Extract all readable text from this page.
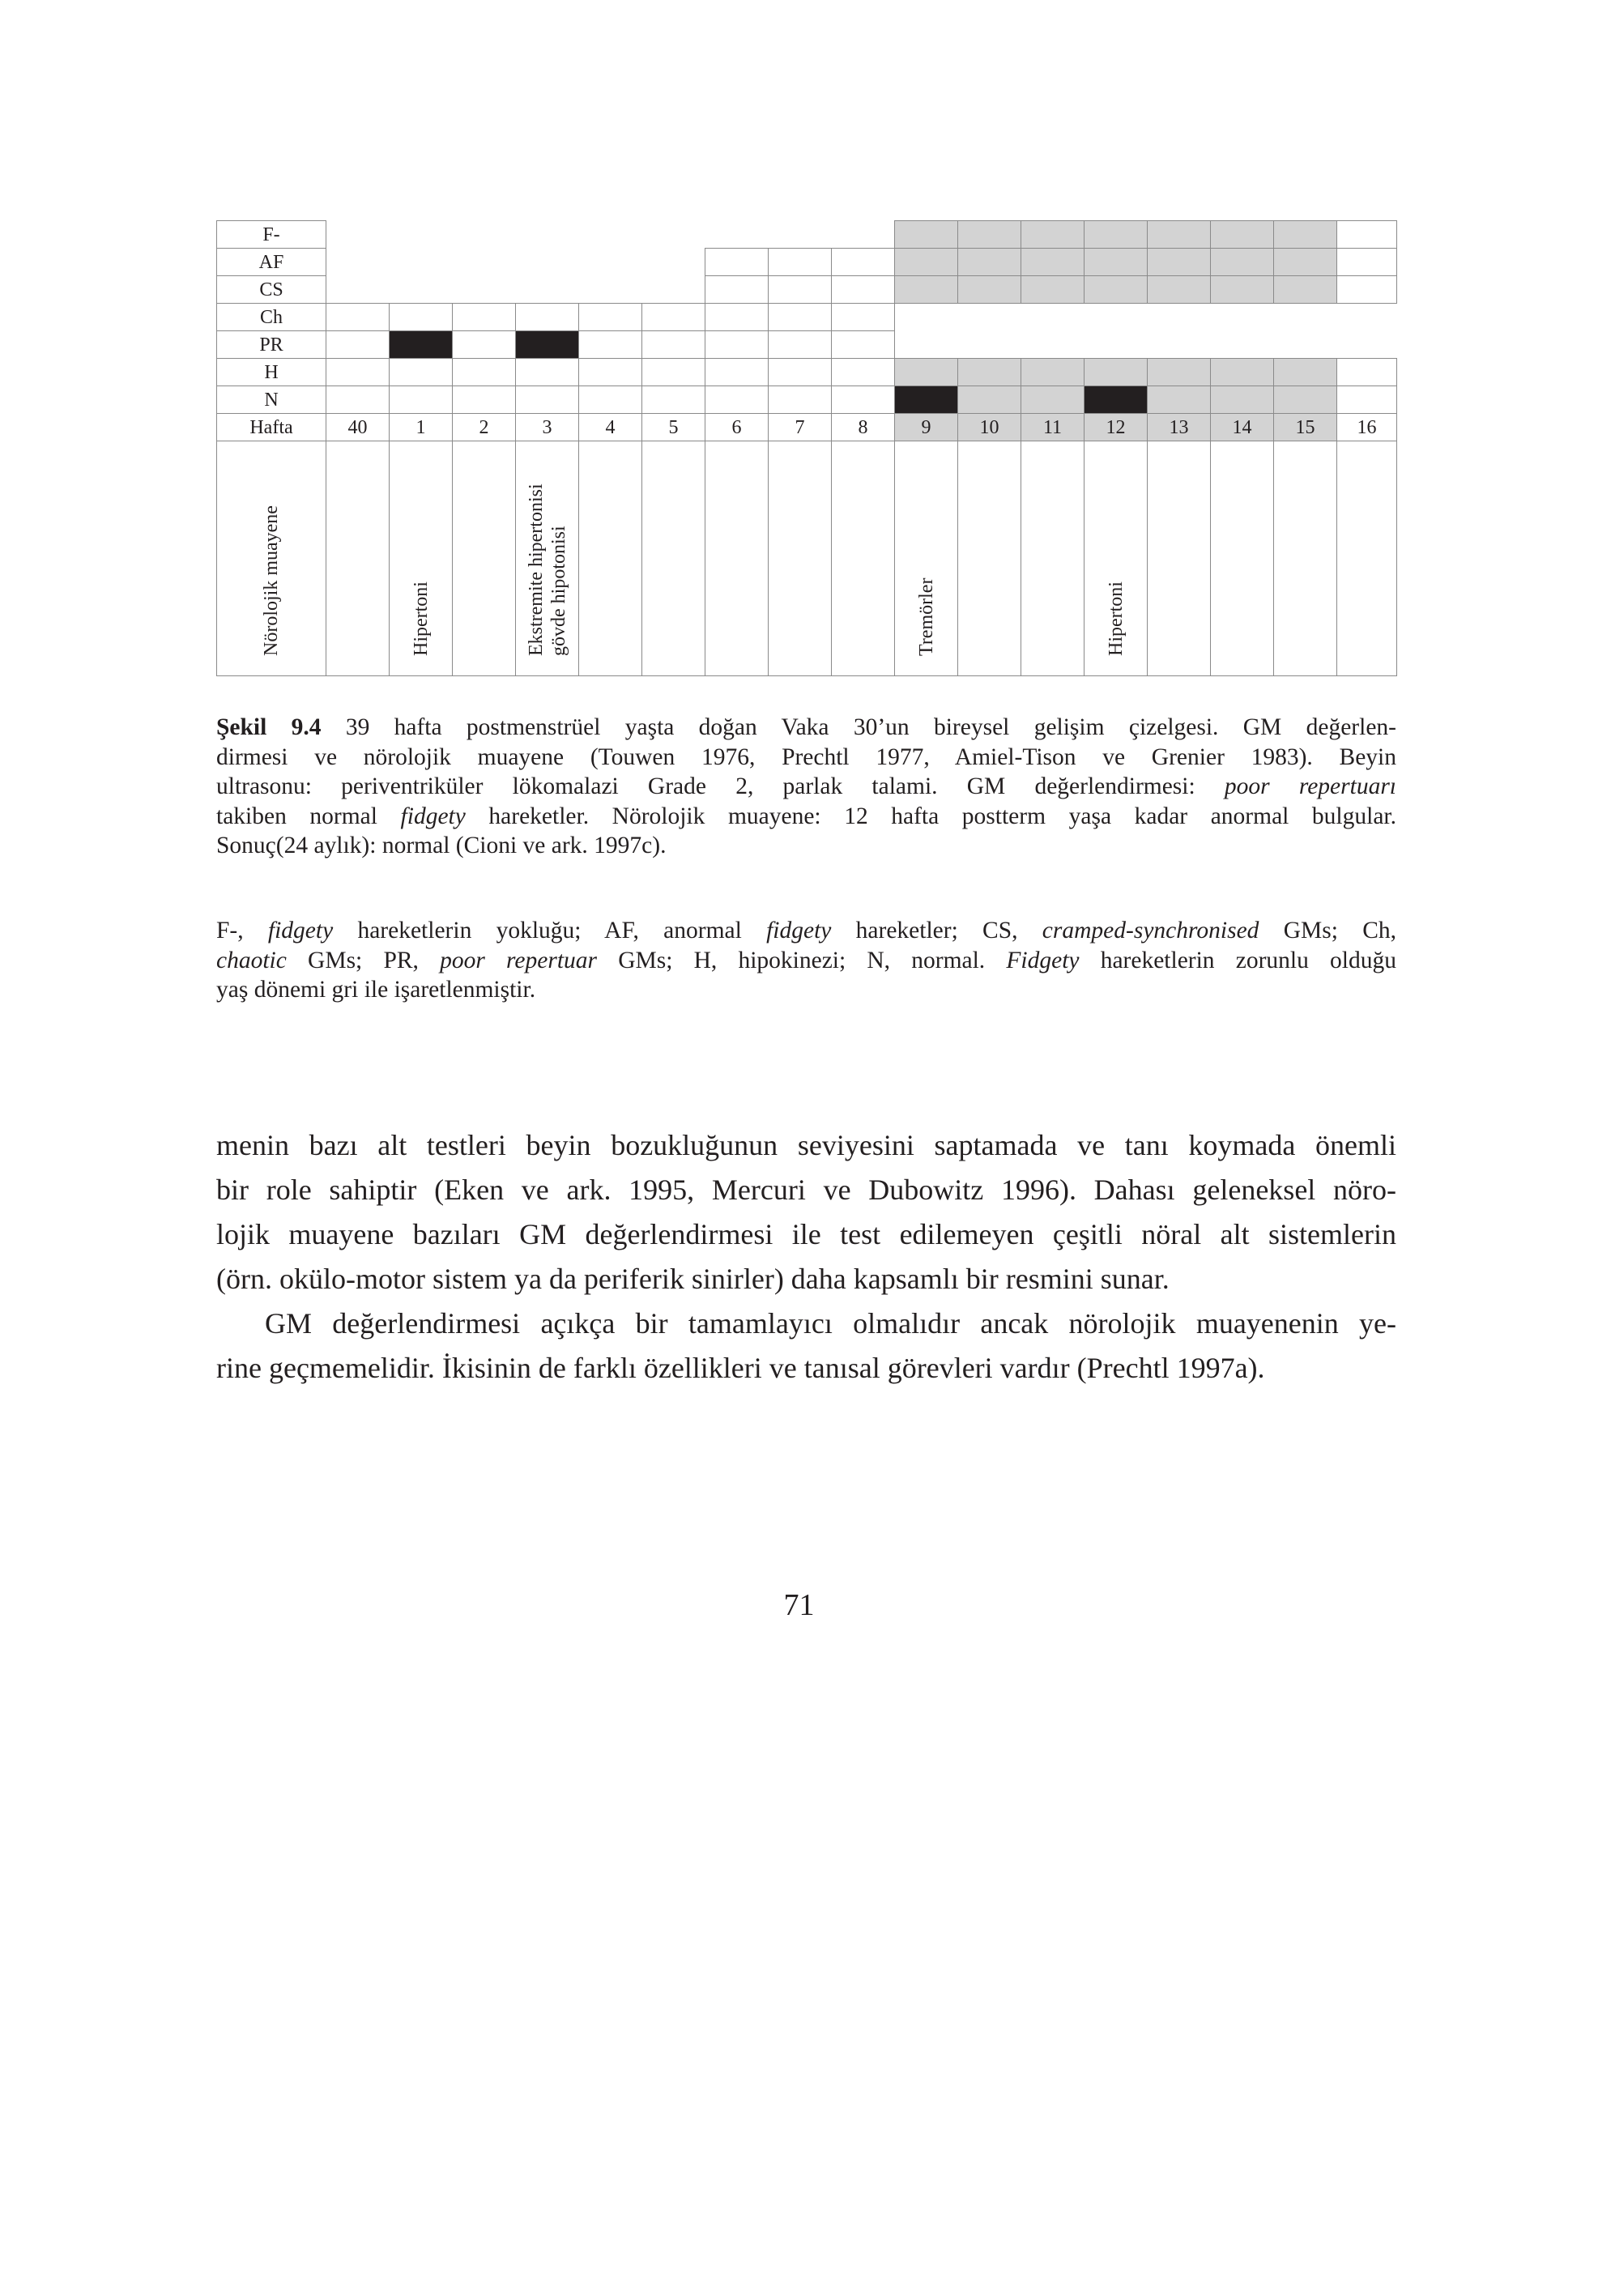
F-																		
AF																		
CS																		
Ch																		
PR																		
H																		
N																		
Hafta	40	1	2	3	4	5	6	7	8	9	10	11	12	13	14	15	16	

Nörolojik muayene		Hipertoni		Ekstremite hipertonisi gövde hipotonisi						Tremörler			Hipertoni					

Şekil 9.4 39 hafta postmenstrüel yaşta doğan Vaka 30’un bireysel gelişim çizelgesi. GM değerlen-
dirmesi ve nörolojik muayene (Touwen 1976, Prechtl 1977, Amiel-Tison ve Grenier 1983). Beyin
ultrasonu: periventriküler lökomalazi Grade 2, parlak talami. GM değerlendirmesi: poor repertuarı
takiben normal fidgety hareketler. Nörolojik muayene: 12 hafta postterm yaşa kadar anormal bulgular.
Sonuç(24 aylık): normal (Cioni ve ark. 1997c).
F-, fidgety hareketlerin yokluğu; AF, anormal fidgety hareketler; CS, cramped-synchronised GMs; Ch,
chaotic GMs; PR, poor repertuar GMs; H, hipokinezi; N, normal. Fidgety hareketlerin zorunlu olduğu
yaş dönemi gri ile işaretlenmiştir.
menin bazı alt testleri beyin bozukluğunun seviyesini saptamada ve tanı koymada önemli
bir role sahiptir (Eken ve ark. 1995, Mercuri ve Dubowitz 1996). Dahası geleneksel nöro-
lojik muayene bazıları GM değerlendirmesi ile test edilemeyen çeşitli nöral alt sistemlerin
(örn. okülo-motor sistem ya da periferik sinirler) daha kapsamlı bir resmini sunar.
GM değerlendirmesi açıkça bir tamamlayıcı olmalıdır ancak nörolojik muayenenin ye-
rine geçmemelidir. İkisinin de farklı özellikleri ve tanısal görevleri vardır (Prechtl 1997a).
71
